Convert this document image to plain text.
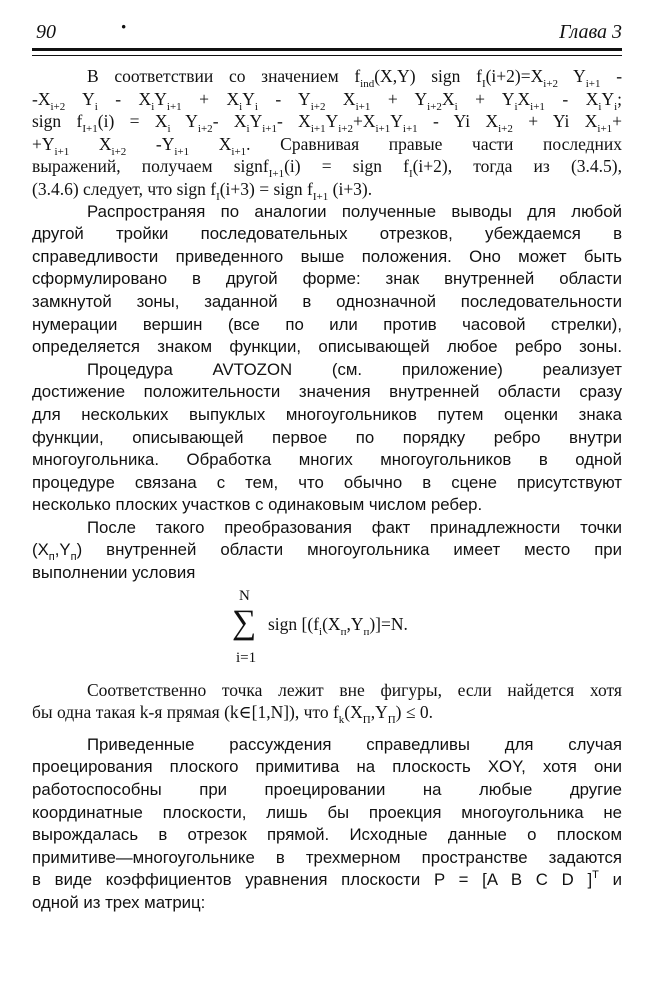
90	·	Глава 3
В соответствии со значением $f_{ind}(X,Y)$ sign $f_I(i+2)=X_{i+2}$ $Y_{i+1}$ -
$-X_{i+2}$ $Y_i - X_iY_{i+1} + X_iY_i - Y_{i+2}$ $X_{i+1} + Y_{i+2}X_i + Y_iX_{i+1} - X_iY_i$;
sign $f_{I+1}(i) = X_i$ $Y_{i+2}-$ $X_iY_{i+1}-$ $X_{i+1}Y_{i+2}+X_{i+1}Y_{i+1} - Yi$ $X_{i+2} + Yi$ $X_{i+1}+$
$+Y_{i+1}$ $X_{i+2}$ $-Y_{i+1}$ $X_{i+1}$. Сравнивая правые части последних
выражений, получаем signf$_{I+1}$(i) = sign $f_I(i+2)$, тогда из (3.4.5),
(3.4.6) следует, что sign $f_I(i+3)$ = sign $f_{I+1}$ (i+3).
Распространяя по аналогии полученные выводы для любой
другой тройки последовательных отрезков, убеждаемся в
справедливости приведенного выше положения. Оно может быть
сформулировано в другой форме: знак внутренней области
замкнутой зоны, заданной в однозначной последовательности
нумерации вершин (все по или против часовой стрелки),
определяется знаком функции, описывающей любое ребро зоны.
Процедура AVTOZON (см. приложение) реализует
достижение положительности значения внутренней области сразу
для нескольких выпуклых многоугольников путем оценки знака
функции, описывающей первое по порядку ребро внутри
многоугольника. Обработка многих многоугольников в одной
процедуре связана с тем, что обычно в сцене присутствуют
несколько плоских участков с одинаковым числом ребер.
После такого преобразования факт принадлежности точки
$(X_п,Y_п)$ внутренней области многоугольника имеет место при
выполнении условия
N
∑
i=1
sign [$(f_i(X_п,Y_п)]=N$.
Соответственно точка лежит вне фигуры, если найдется хотя
бы одна такая k-я прямая (k∈[1,N]), что $f_k(X_П,Y_П) \le 0$.
Приведенные рассуждения справедливы для случая
проецирования плоского примитива на плоскость XOY, хотя они
работоспособны при проецировании на любые другие
координатные плоскости, лишь бы проекция многоугольника не
вырождалась в отрезок прямой. Исходные данные о плоском
примитиве—многоугольнике в трехмерном пространстве задаются
в виде коэффициентов уравнения плоскости P = [A B C D ]$^T$ и
одной из трех матриц:
